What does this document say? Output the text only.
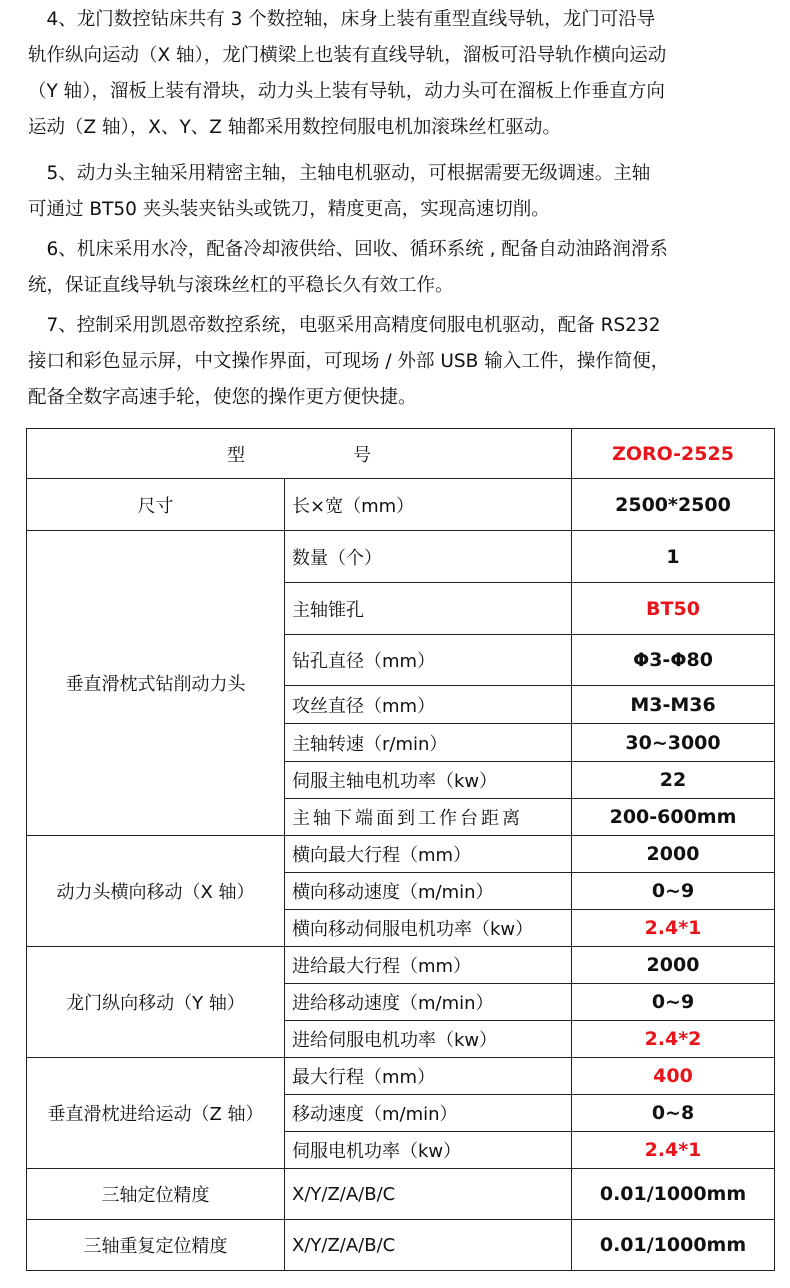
　4、龙门数控钻床共有 3 个数控轴，床身上装有重型直线导轨，龙门可沿导
轨作纵向运动（X 轴），龙门横梁上也装有直线导轨，溜板可沿导轨作横向运动
（Y 轴），溜板上装有滑块，动力头上装有导轨，动力头可在溜板上作垂直方向
运动（Z 轴），X、Y、Z 轴都采用数控伺服电机加滚珠丝杠驱动。

　5、动力头主轴采用精密主轴，主轴电机驱动，可根据需要无级调速。主轴
可通过 BT50 夹头装夹钻头或铣刀，精度更高，实现高速切削。

　6、机床采用水冷，配备冷却液供给、回收、循环系统 , 配备自动油路润滑系
统，保证直线导轨与滚珠丝杠的平稳长久有效工作。

　7、控制采用凯恩帝数控系统，电驱采用高精度伺服电机驱动，配备 RS232
接口和彩色显示屏，中文操作界面，可现场 / 外部 USB 输入工件，操作简便，
配备全数字高速手轮，使您的操作更方便快捷。

型　　　　　　号		ZORO-2525
尺寸	长×宽（mm）	2500*2500
垂直滑枕式钻削动力头	数量（个）	1
	主轴锥孔	BT50
	钻孔直径（mm）	Φ3-Φ80
	攻丝直径（mm）	M3-M36
	主轴转速（r/min）	30~3000
	伺服主轴电机功率（kw）	22
	主轴下端面到工作台距离	200-600mm
动力头横向移动（X 轴）	横向最大行程（mm）	2000
	横向移动速度（m/min）	0~9
	横向移动伺服电机功率（kw）	2.4*1
龙门纵向移动（Y 轴）	进给最大行程（mm）	2000
	进给移动速度（m/min）	0~9
	进给伺服电机功率（kw）	2.4*2
垂直滑枕进给运动（Z 轴）	最大行程（mm）	400
	移动速度（m/min）	0~8
	伺服电机功率（kw）	2.4*1
三轴定位精度	X/Y/Z/A/B/C	0.01/1000mm
三轴重复定位精度	X/Y/Z/A/B/C	0.01/1000mm
